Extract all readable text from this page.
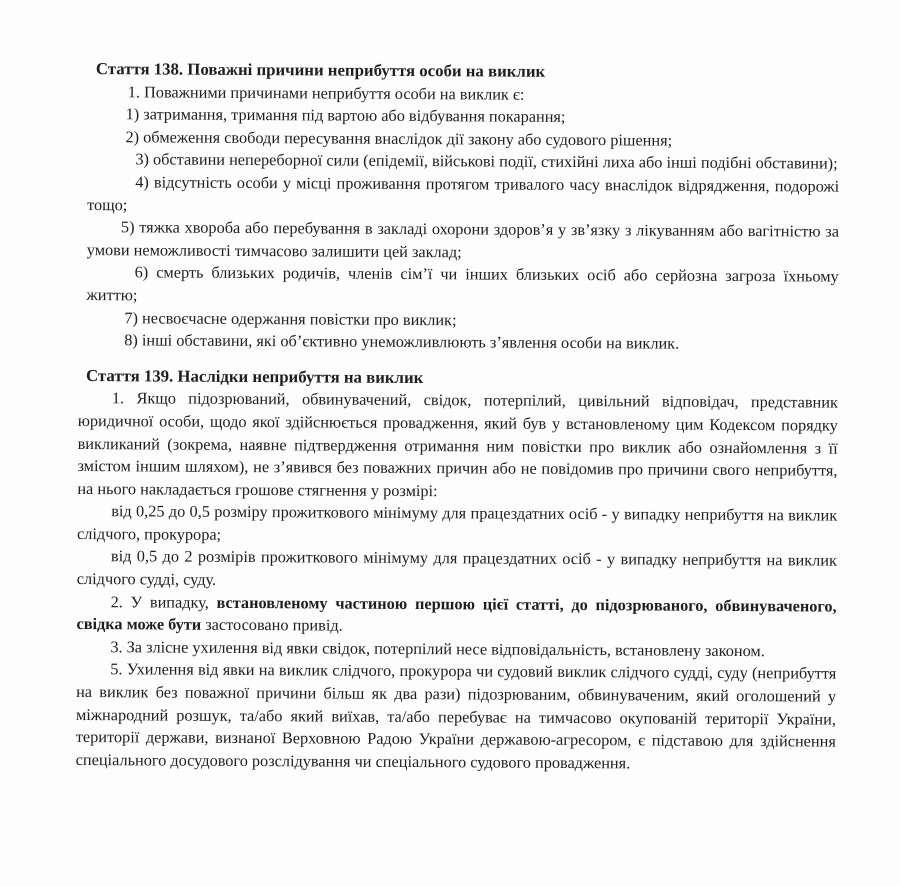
Стаття 138. Поважні причини неприбуття особи на виклик

1. Поважними причинами неприбуття особи на виклик є:

1) затримання, тримання під вартою або відбування покарання;

2) обмеження свободи пересування внаслідок дії закону або судового рішення;

3) обставини непереборної сили (епідемії, військові події, стихійні лиха або інші подібні обставини);

4) відсутність особи у місці проживання протягом тривалого часу внаслідок відрядження, подорожі тощо;

5) тяжка хвороба або перебування в закладі охорони здоров’я у зв’язку з лікуванням або вагітністю за умови неможливості тимчасово залишити цей заклад;

6) смерть близьких родичів, членів сім’ї чи інших близьких осіб або серйозна загроза їхньому життю;

7) несвоєчасне одержання повістки про виклик;

8) інші обставини, які об’єктивно унеможливлюють з’явлення особи на виклик.

Стаття 139. Наслідки неприбуття на виклик

1. Якщо підозрюваний, обвинувачений, свідок, потерпілий, цивільний відповідач, представник юридичної особи, щодо якої здійснюється провадження, який був у встановленому цим Кодексом порядку викликаний (зокрема, наявне підтвердження отримання ним повістки про виклик або ознайомлення з її змістом іншим шляхом), не з’явився без поважних причин або не повідомив про причини свого неприбуття, на нього накладається грошове стягнення у розмірі:

від 0,25 до 0,5 розміру прожиткового мінімуму для працездатних осіб - у випадку неприбуття на виклик слідчого, прокурора;

від 0,5 до 2 розмірів прожиткового мінімуму для працездатних осіб - у випадку неприбуття на виклик слідчого судді, суду.

2. У випадку, встановленому частиною першою цієї статті, до підозрюваного, обвинуваченого, свідка може бути застосовано привід.

3. За злісне ухилення від явки свідок, потерпілий несе відповідальність, встановлену законом.

5. Ухилення від явки на виклик слідчого, прокурора чи судовий виклик слідчого судді, суду (неприбуття на виклик без поважної причини більш як два рази) підозрюваним, обвинуваченим, який оголошений у міжнародний розшук, та/або який виїхав, та/або перебуває на тимчасово окупованій території України, території держави, визнаної Верховною Радою України державою-агресором, є підставою для здійснення спеціального досудового розслідування чи спеціального судового провадження.
